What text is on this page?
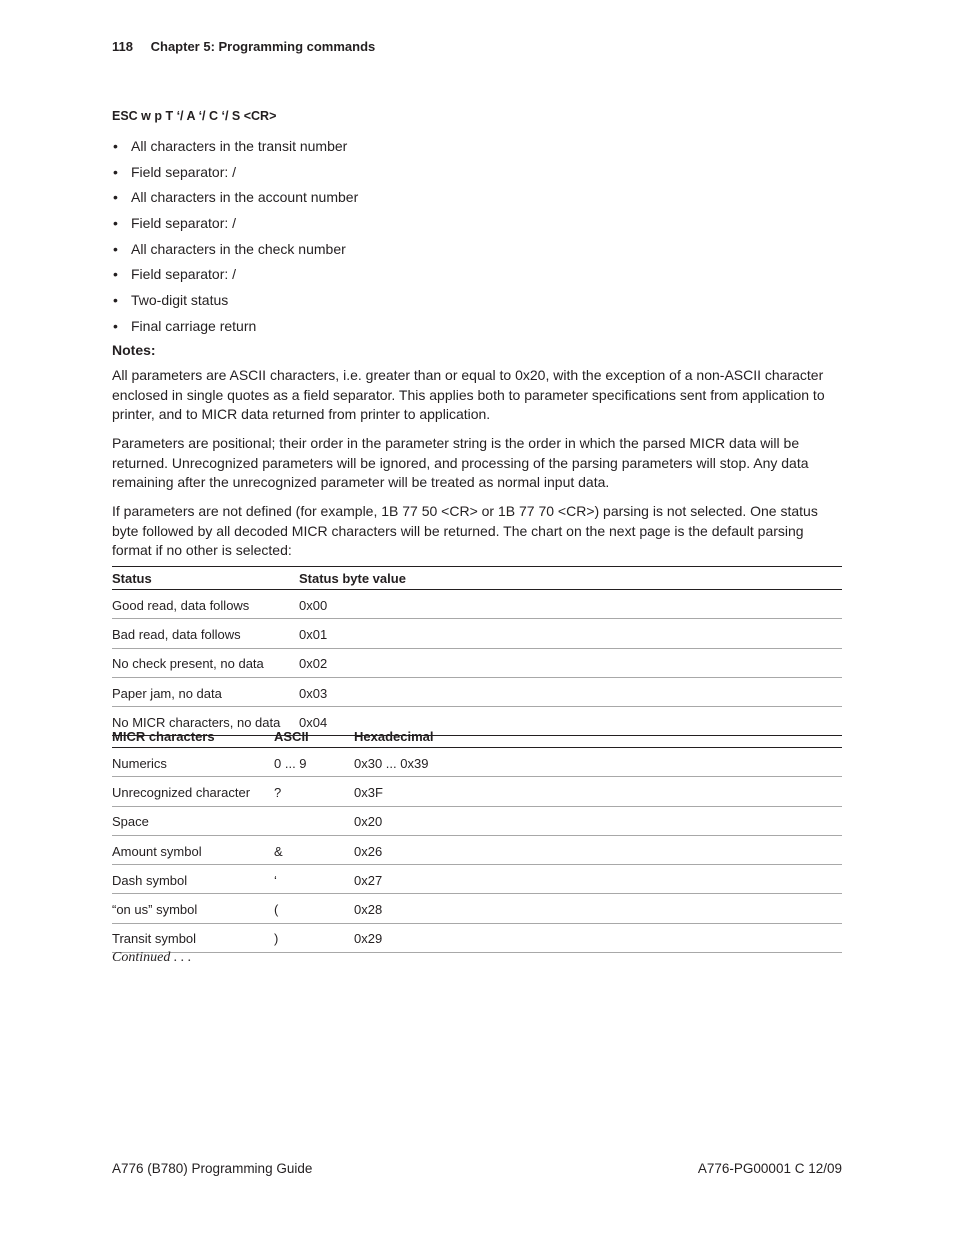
118 Chapter 5: Programming commands
ESC w p T ‘/ A ‘/ C ‘/ S <CR>
• All characters in the transit number
• Field separator: /
• All characters in the account number
• Field separator: /
• All characters in the check number
• Field separator: /
• Two-digit status
• Final carriage return
Notes:

All parameters are ASCII characters, i.e. greater than or equal to 0x20, with the exception of a non-ASCII character enclosed in single quotes as a field separator. This applies both to parameter specifications sent from application to printer, and to MICR data returned from printer to application.

Parameters are positional; their order in the parameter string is the order in which the parsed MICR data will be returned. Unrecognized parameters will be ignored, and processing of the parsing parameters will stop. Any data remaining after the unrecognized parameter will be treated as normal input data.

If parameters are not defined (for example, 1B 77 50 <CR> or 1B 77 70 <CR>) parsing is not selected. One status byte followed by all decoded MICR characters will be returned. The chart on the next page is the default parsing format if no other is selected:

Status	Status byte value
Good read, data follows	0x00
Bad read, data follows	0x01
No check present, no data	0x02
Paper jam, no data	0x03
No MICR characters, no data	0x04
MICR characters	ASCII	Hexadecimal
Numerics	0 ... 9	0x30 ... 0x39
Unrecognized character	?	0x3F
Space		0x20
Amount symbol	&	0x26
Dash symbol	‘	0x27
“on us” symbol	(	0x28
Transit symbol	)	0x29
Continued . . .
A776 (B780) Programming Guide	A776-PG00001 C 12/09
